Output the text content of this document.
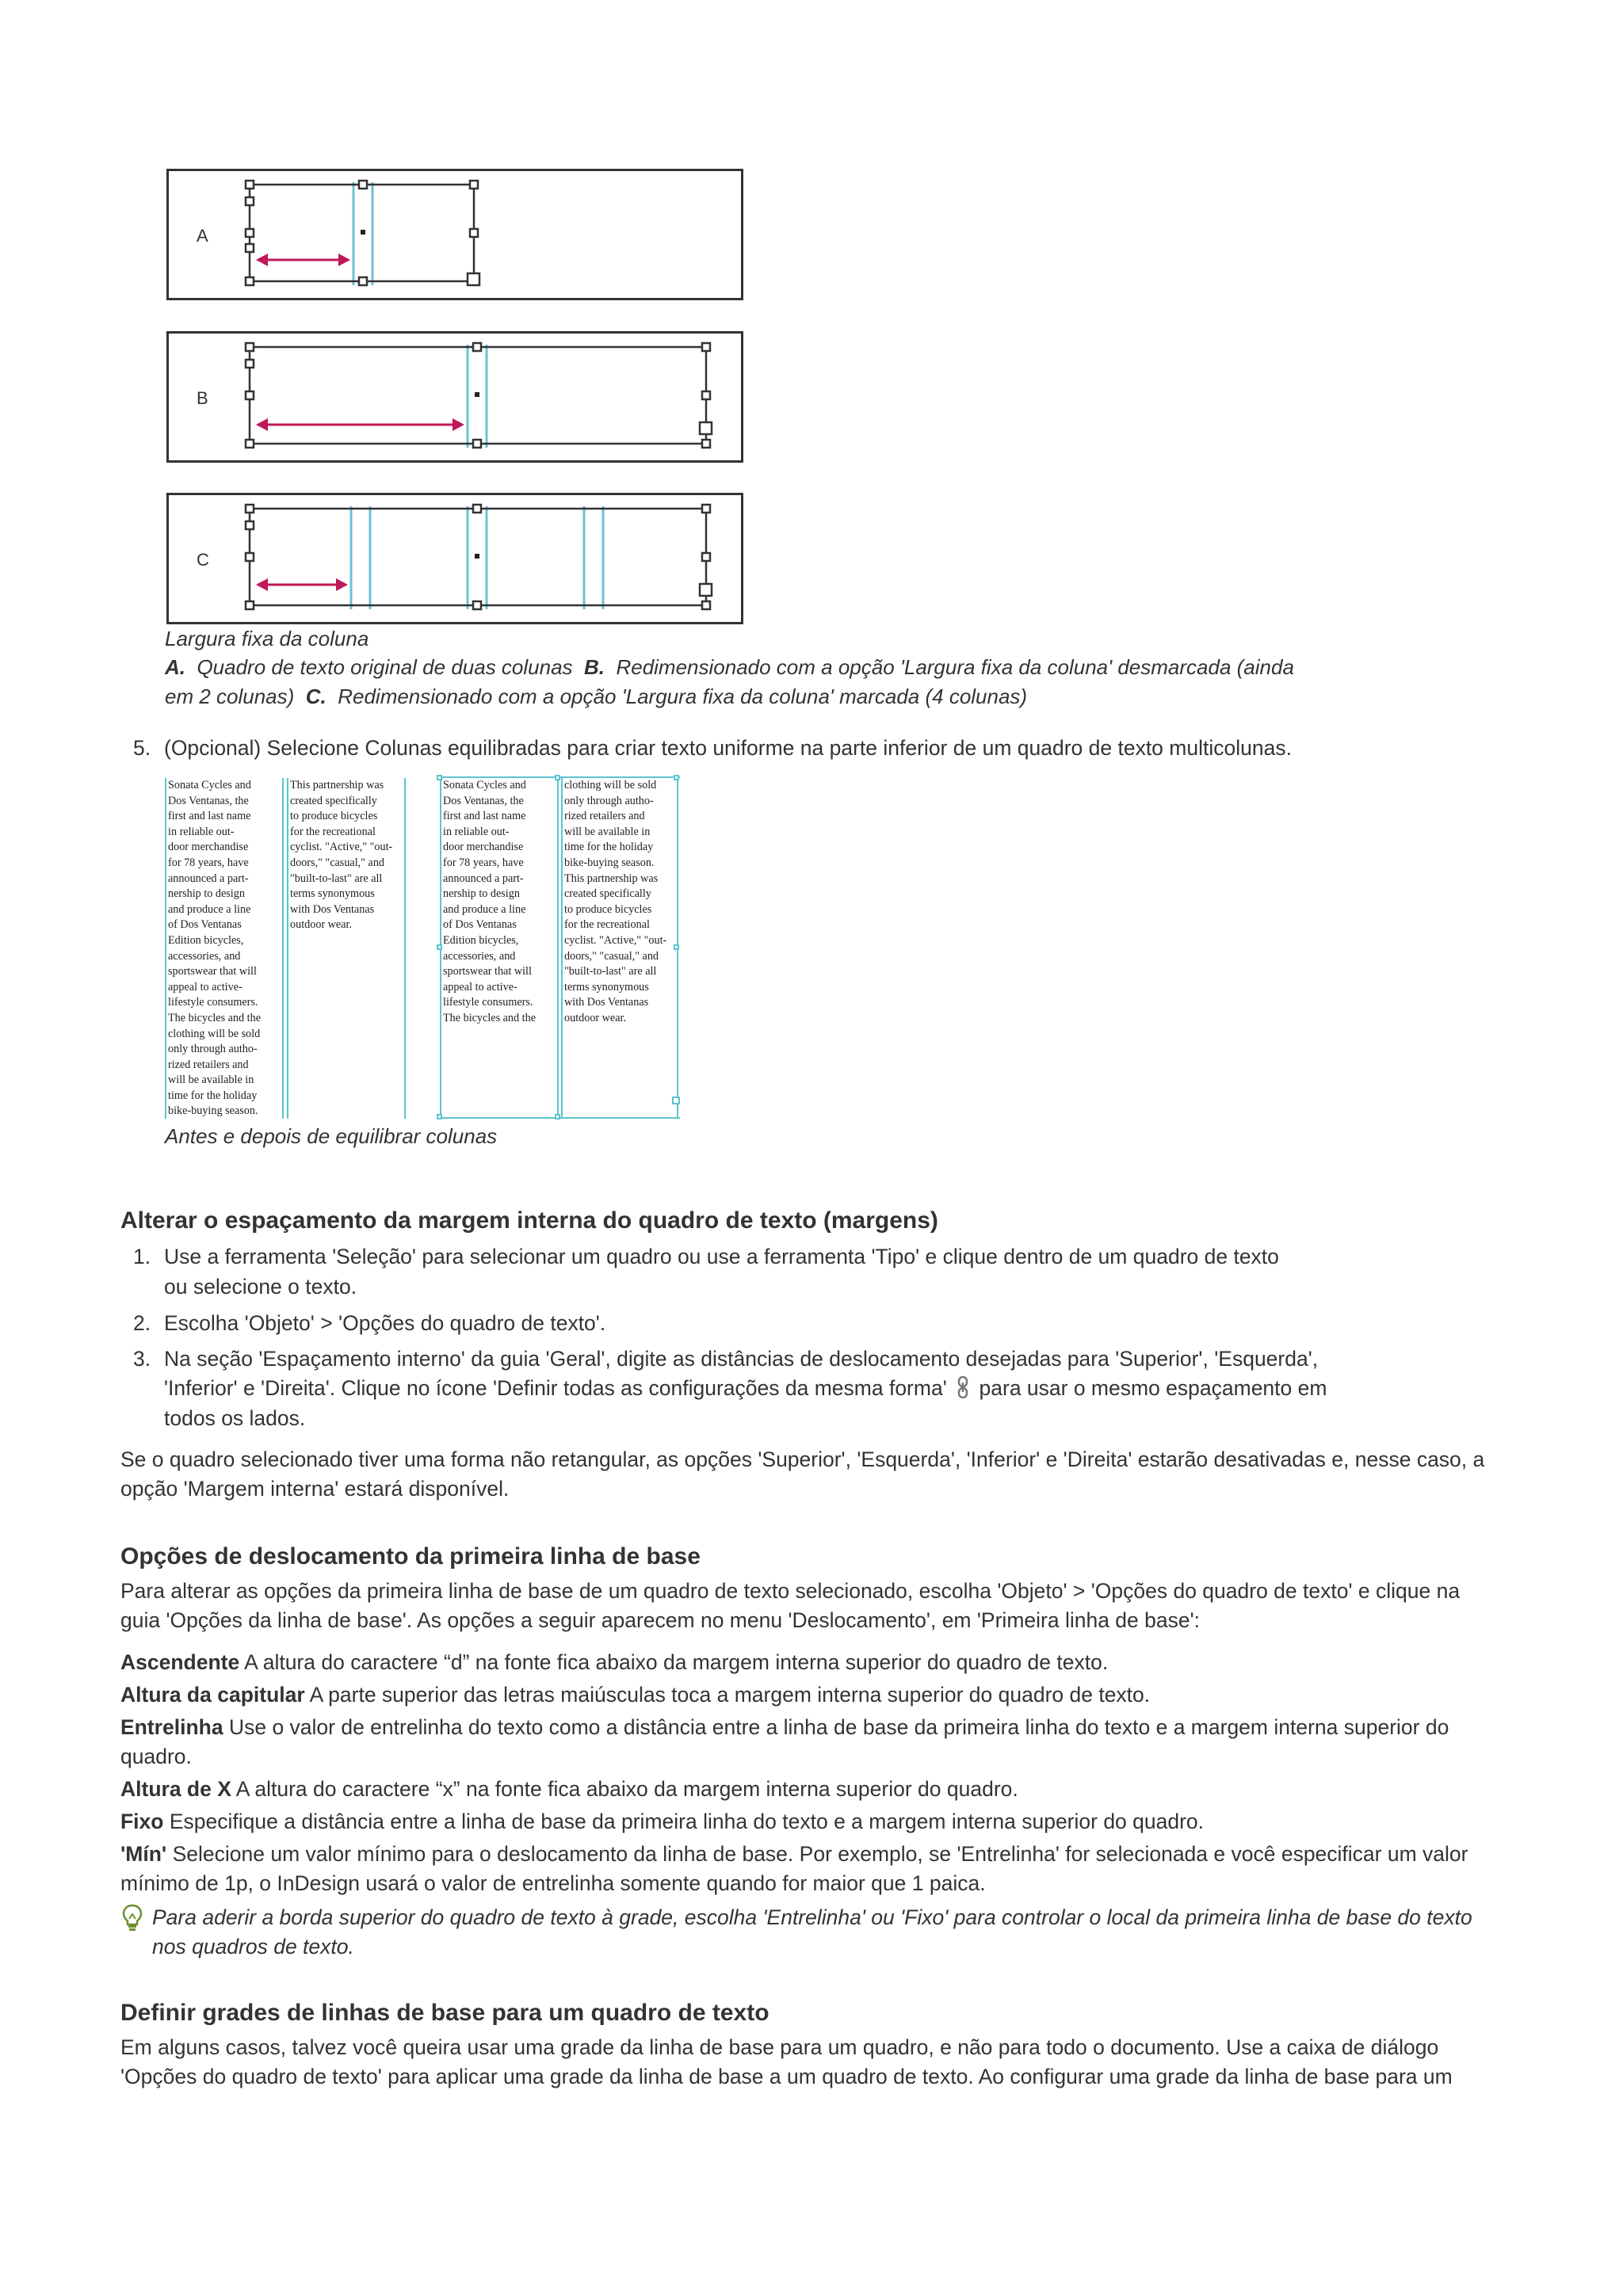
A
B
C
Largura fixa da coluna
A. Quadro de texto original de duas colunas B. Redimensionado com a opção 'Largura fixa da coluna' desmarcada (ainda
em 2 colunas) C. Redimensionado com a opção 'Largura fixa da coluna' marcada (4 colunas)
5. (Opcional) Selecione Colunas equilibradas para criar texto uniforme na parte inferior de um quadro de texto multicolunas.
Sonata Cycles and
Dos Ventanas, the
first and last name
in reliable out-
door merchandise
for 78 years, have
announced a part-
nership to design
and produce a line
of Dos Ventanas
Edition bicycles,
accessories, and
sportswear that will
appeal to active-
lifestyle consumers.
The bicycles and the
clothing will be sold
only through autho-
rized retailers and
will be available in
time for the holiday
bike-buying season.
This partnership was
created specifically
to produce bicycles
for the recreational
cyclist. "Active," "out-
doors," "casual," and
"built-to-last" are all
terms synonymous
with Dos Ventanas
outdoor wear.
Sonata Cycles and
Dos Ventanas, the
first and last name
in reliable out-
door merchandise
for 78 years, have
announced a part-
nership to design
and produce a line
of Dos Ventanas
Edition bicycles,
accessories, and
sportswear that will
appeal to active-
lifestyle consumers.
The bicycles and the
clothing will be sold
only through autho-
rized retailers and
will be available in
time for the holiday
bike-buying season.
This partnership was
created specifically
to produce bicycles
for the recreational
cyclist. "Active," "out-
doors," "casual," and
"built-to-last" are all
terms synonymous
with Dos Ventanas
outdoor wear.
Antes e depois de equilibrar colunas
Alterar o espaçamento da margem interna do quadro de texto (margens)
1. Use a ferramenta 'Seleção' para selecionar um quadro ou use a ferramenta 'Tipo' e clique dentro de um quadro de texto
ou selecione o texto.
2. Escolha 'Objeto' > 'Opções do quadro de texto'.
3. Na seção 'Espaçamento interno' da guia 'Geral', digite as distâncias de deslocamento desejadas para 'Superior', 'Esquerda',
'Inferior' e 'Direita'. Clique no ícone 'Definir todas as configurações da mesma forma' para usar o mesmo espaçamento em
todos os lados.
Se o quadro selecionado tiver uma forma não retangular, as opções 'Superior', 'Esquerda', 'Inferior' e 'Direita' estarão desativadas e, nesse caso, a
opção 'Margem interna' estará disponível.
Opções de deslocamento da primeira linha de base
Para alterar as opções da primeira linha de base de um quadro de texto selecionado, escolha 'Objeto' > 'Opções do quadro de texto' e clique na
guia 'Opções da linha de base'. As opções a seguir aparecem no menu 'Deslocamento', em 'Primeira linha de base':
Ascendente A altura do caractere “d” na fonte fica abaixo da margem interna superior do quadro de texto.
Altura da capitular A parte superior das letras maiúsculas toca a margem interna superior do quadro de texto.
Entrelinha Use o valor de entrelinha do texto como a distância entre a linha de base da primeira linha do texto e a margem interna superior do
quadro.
Altura de X A altura do caractere “x” na fonte fica abaixo da margem interna superior do quadro.
Fixo Especifique a distância entre a linha de base da primeira linha do texto e a margem interna superior do quadro.
'Mín' Selecione um valor mínimo para o deslocamento da linha de base. Por exemplo, se 'Entrelinha' for selecionada e você especificar um valor
mínimo de 1p, o InDesign usará o valor de entrelinha somente quando for maior que 1 paica.
Para aderir a borda superior do quadro de texto à grade, escolha 'Entrelinha' ou 'Fixo' para controlar o local da primeira linha de base do texto
nos quadros de texto.
Definir grades de linhas de base para um quadro de texto
Em alguns casos, talvez você queira usar uma grade da linha de base para um quadro, e não para todo o documento. Use a caixa de diálogo
'Opções do quadro de texto' para aplicar uma grade da linha de base a um quadro de texto. Ao configurar uma grade da linha de base para um
